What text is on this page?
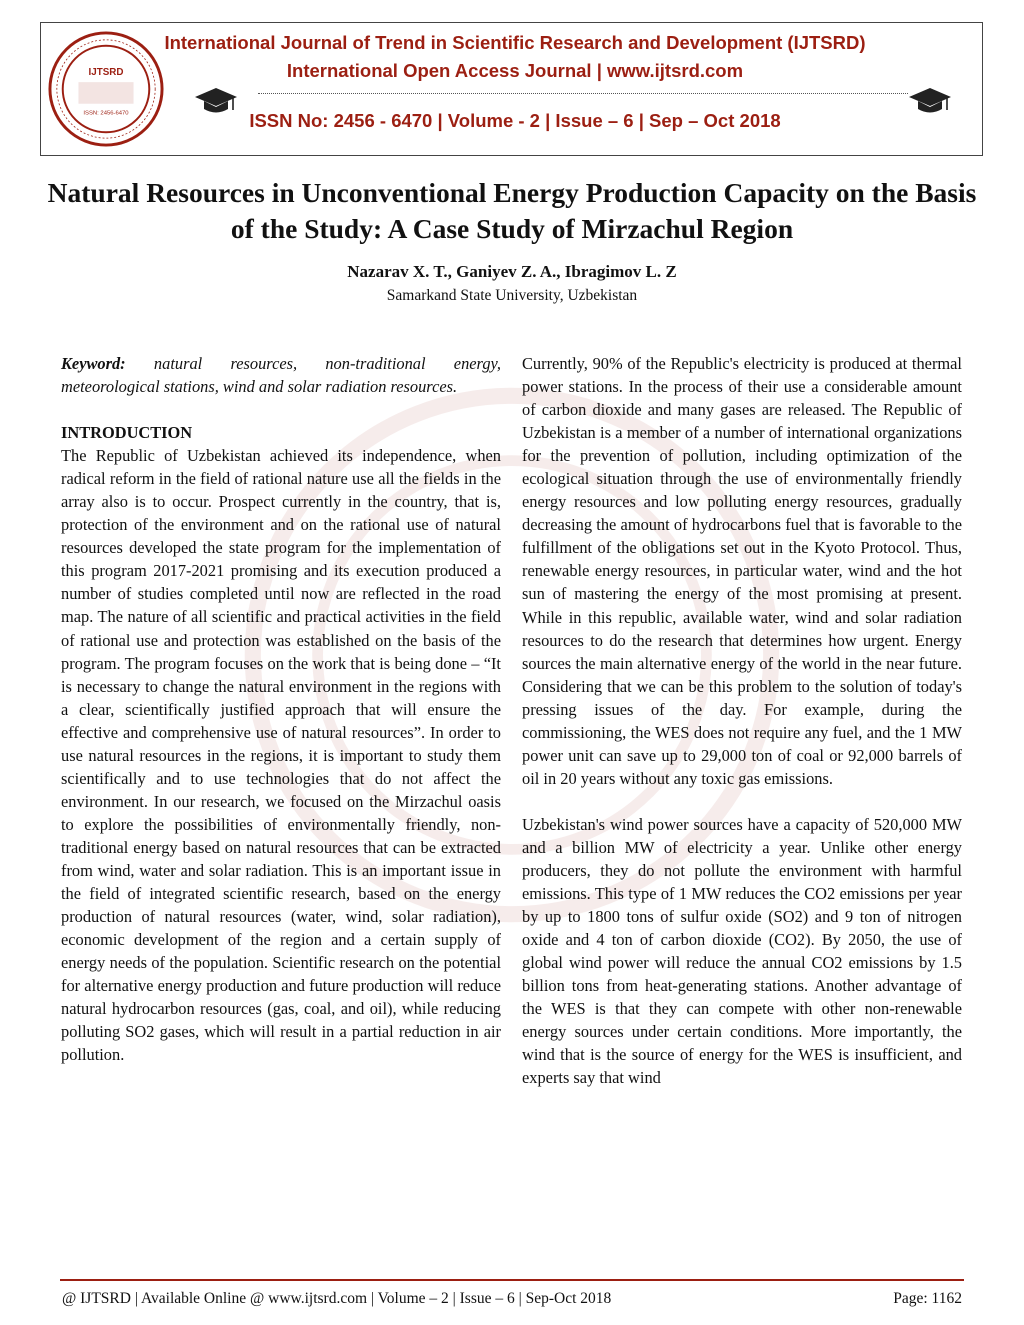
IJTSRD
ISSN: 2456-6470
International Journal of Trend in Scientific Research and Development (IJTSRD)
International Open Access Journal | www.ijtsrd.com
ISSN No: 2456 - 6470 | Volume - 2 | Issue – 6 | Sep – Oct 2018
Natural Resources in Unconventional Energy Production Capacity on the Basis of the Study: A Case Study of Mirzachul Region
Nazarav X. T., Ganiyev Z. A., Ibragimov L. Z
Samarkand State University, Uzbekistan

Keyword: natural resources, non-traditional energy, meteorological stations, wind and solar radiation resources.

INTRODUCTION

The Republic of Uzbekistan achieved its independence, when radical reform in the field of rational nature use all the fields in the array also is to occur. Prospect currently in the country, that is, protection of the environment and on the rational use of natural resources developed the state program for the implementation of this program 2017-2021 promising and its execution produced a number of studies completed until now are reflected in the road map. The nature of all scientific and practical activities in the field of rational use and protection was established on the basis of the program. The program focuses on the work that is being done – “It is necessary to change the natural environment in the regions with a clear, scientifically justified approach that will ensure the effective and comprehensive use of natural resources”. In order to use natural resources in the regions, it is important to study them scientifically and to use technologies that do not affect the environment. In our research, we focused on the Mirzachul oasis to explore the possibilities of environmentally friendly, non-traditional energy based on natural resources that can be extracted from wind, water and solar radiation. This is an important issue in the field of integrated scientific research, based on the energy production of natural resources (water, wind, solar radiation), economic development of the region and a certain supply of energy needs of the population. Scientific research on the potential for alternative energy production and future production will reduce natural hydrocarbon resources (gas, coal, and oil), while reducing polluting SO2 gases, which will result in a partial reduction in air pollution.

Currently, 90% of the Republic's electricity is produced at thermal power stations. In the process of their use a considerable amount of carbon dioxide and many gases are released. The Republic of Uzbekistan is a member of a number of international organizations for the prevention of pollution, including optimization of the ecological situation through the use of environmentally friendly energy resources and low polluting energy resources, gradually decreasing the amount of hydrocarbons fuel that is favorable to the fulfillment of the obligations set out in the Kyoto Protocol. Thus, renewable energy resources, in particular water, wind and the hot sun of mastering the energy of the most promising at present. While in this republic, available water, wind and solar radiation resources to do the research that determines how urgent. Energy sources the main alternative energy of the world in the near future. Considering that we can be this problem to the solution of today's pressing issues of the day. For example, during the commissioning, the WES does not require any fuel, and the 1 MW power unit can save up to 29,000 ton of coal or 92,000 barrels of oil in 20 years without any toxic gas emissions.

Uzbekistan's wind power sources have a capacity of 520,000 MW and a billion MW of electricity a year. Unlike other energy producers, they do not pollute the environment with harmful emissions. This type of 1 MW reduces the CO2 emissions per year by up to 1800 tons of sulfur oxide (SO2) and 9 ton of nitrogen oxide and 4 ton of carbon dioxide (CO2). By 2050, the use of global wind power will reduce the annual CO2 emissions by 1.5 billion tons from heat-generating stations. Another advantage of the WES is that they can compete with other non-renewable energy sources under certain conditions. More importantly, the wind that is the source of energy for the WES is insufficient, and experts say that wind

@ IJTSRD | Available Online @ www.ijtsrd.com | Volume – 2 | Issue – 6 | Sep-Oct 2018	Page: 1162
